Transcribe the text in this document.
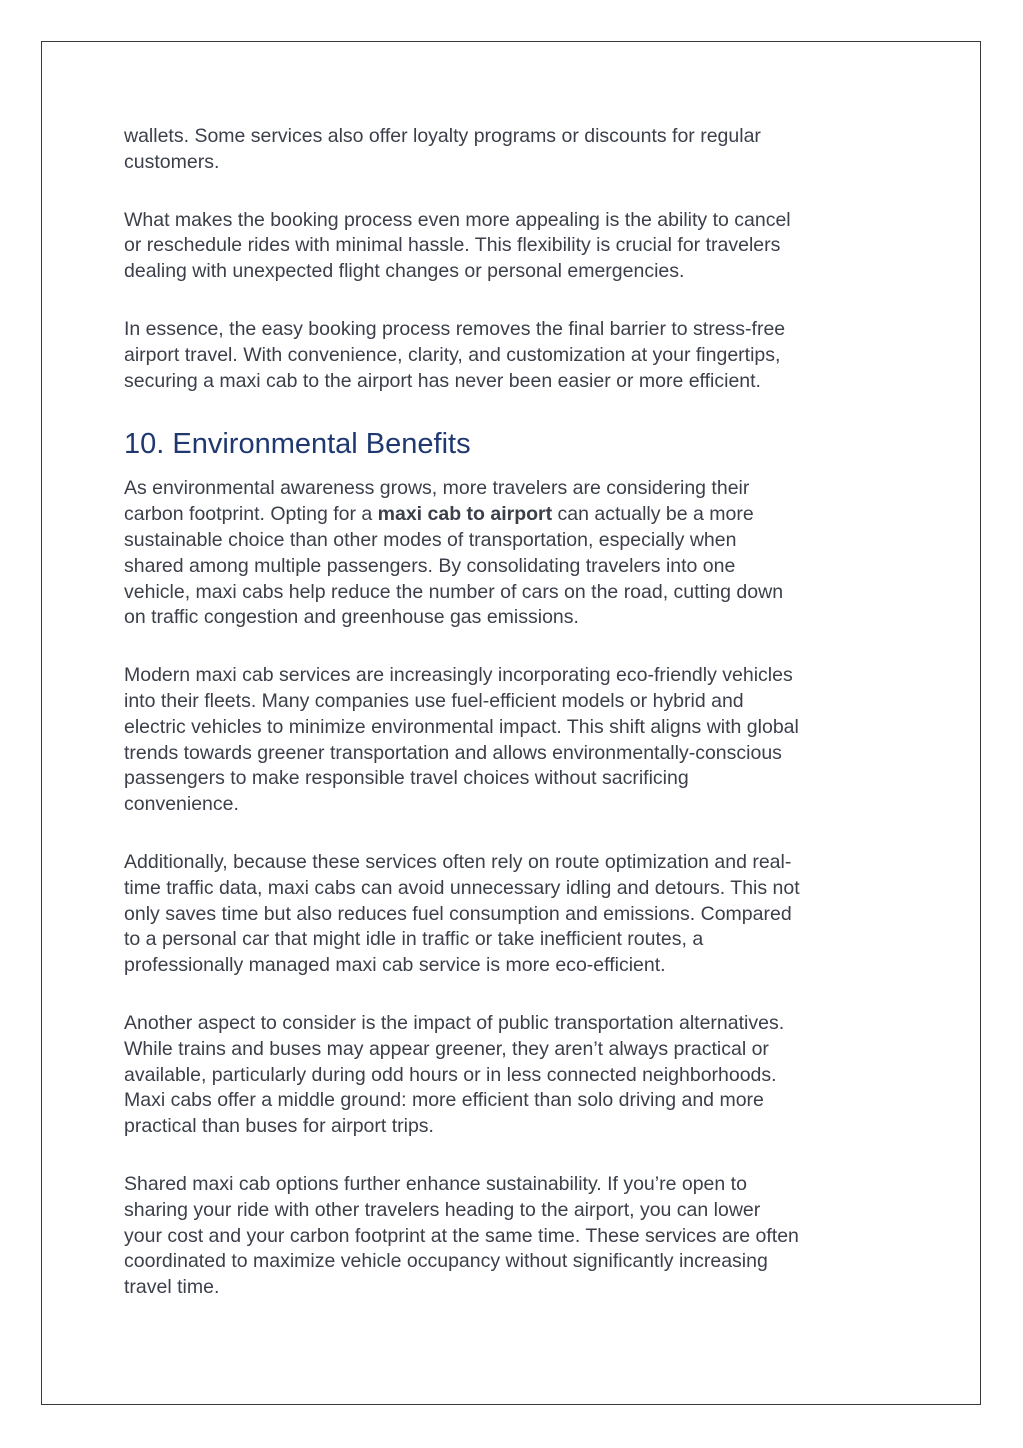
wallets. Some services also offer loyalty programs or discounts for regular
customers.

What makes the booking process even more appealing is the ability to cancel
or reschedule rides with minimal hassle. This flexibility is crucial for travelers
dealing with unexpected flight changes or personal emergencies.

In essence, the easy booking process removes the final barrier to stress-free
airport travel. With convenience, clarity, and customization at your fingertips,
securing a maxi cab to the airport has never been easier or more efficient.

10. Environmental Benefits

As environmental awareness grows, more travelers are considering their
carbon footprint. Opting for a maxi cab to airport can actually be a more
sustainable choice than other modes of transportation, especially when
shared among multiple passengers. By consolidating travelers into one
vehicle, maxi cabs help reduce the number of cars on the road, cutting down
on traffic congestion and greenhouse gas emissions.

Modern maxi cab services are increasingly incorporating eco-friendly vehicles
into their fleets. Many companies use fuel-efficient models or hybrid and
electric vehicles to minimize environmental impact. This shift aligns with global
trends towards greener transportation and allows environmentally-conscious
passengers to make responsible travel choices without sacrificing
convenience.

Additionally, because these services often rely on route optimization and real-
time traffic data, maxi cabs can avoid unnecessary idling and detours. This not
only saves time but also reduces fuel consumption and emissions. Compared
to a personal car that might idle in traffic or take inefficient routes, a
professionally managed maxi cab service is more eco-efficient.

Another aspect to consider is the impact of public transportation alternatives.
While trains and buses may appear greener, they aren’t always practical or
available, particularly during odd hours or in less connected neighborhoods.
Maxi cabs offer a middle ground: more efficient than solo driving and more
practical than buses for airport trips.

Shared maxi cab options further enhance sustainability. If you’re open to
sharing your ride with other travelers heading to the airport, you can lower
your cost and your carbon footprint at the same time. These services are often
coordinated to maximize vehicle occupancy without significantly increasing
travel time.
